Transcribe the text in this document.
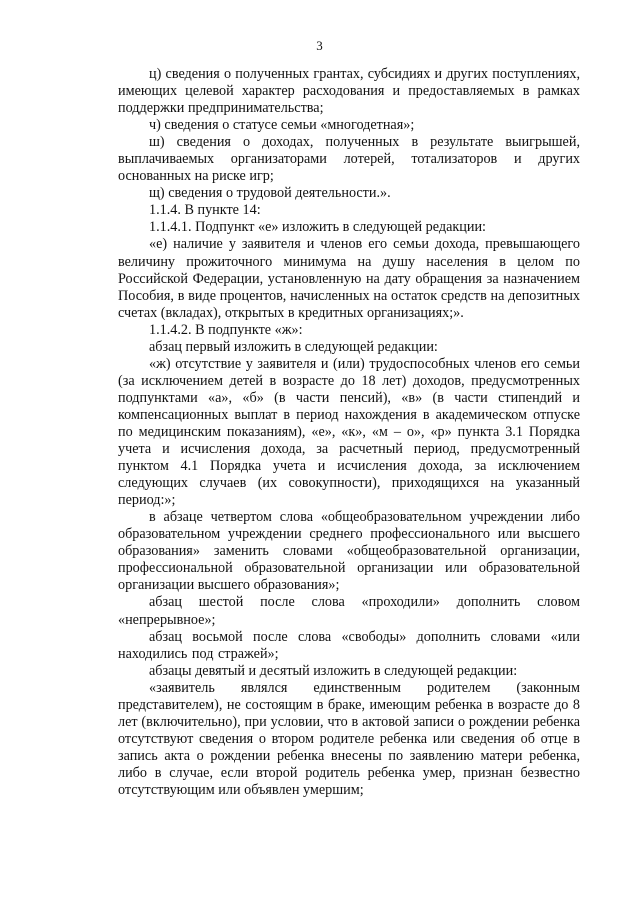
3

ц) сведения о полученных грантах, субсидиях и других поступлениях, имеющих целевой характер расходования и предоставляемых в рамках поддержки предпринимательства;

ч) сведения о статусе семьи «многодетная»;

ш) сведения о доходах, полученных в результате выигрышей, выплачиваемых организаторами лотерей, тотализаторов и других основанных на риске игр;

щ) сведения о трудовой деятельности.».

1.1.4. В пункте 14:

1.1.4.1. Подпункт «е» изложить в следующей редакции:

«е) наличие у заявителя и членов его семьи дохода, превышающего величину прожиточного минимума на душу населения в целом по Российской Федерации, установленную на дату обращения за назначением Пособия, в виде процентов, начисленных на остаток средств на депозитных счетах (вкладах), открытых в кредитных организациях;».

1.1.4.2. В подпункте «ж»:

абзац первый изложить в следующей редакции:

«ж) отсутствие у заявителя и (или) трудоспособных членов его семьи (за исключением детей в возрасте до 18 лет) доходов, предусмотренных подпунктами «а», «б» (в части пенсий), «в» (в части стипендий и компенсационных выплат в период нахождения в академическом отпуске по медицинским показаниям), «е», «к», «м – о», «р» пункта 3.1 Порядка учета и исчисления дохода, за расчетный период, предусмотренный пунктом 4.1 Порядка учета и исчисления дохода, за исключением следующих случаев (их совокупности), приходящихся на указанный период:»;

в абзаце четвертом слова «общеобразовательном учреждении либо образовательном учреждении среднего профессионального или высшего образования» заменить словами «общеобразовательной организации, профессиональной образовательной организации или образовательной организации высшего образования»;

абзац шестой после слова «проходили» дополнить словом «непрерывное»;

абзац восьмой после слова «свободы» дополнить словами «или находились под стражей»;

абзацы девятый и десятый изложить в следующей редакции:

«заявитель являлся единственным родителем (законным представителем), не состоящим в браке, имеющим ребенка в возрасте до 8 лет (включительно), при условии, что в актовой записи о рождении ребенка отсутствуют сведения о втором родителе ребенка или сведения об отце в запись акта о рождении ребенка внесены по заявлению матери ребенка, либо в случае, если второй родитель ребенка умер, признан безвестно отсутствующим или объявлен умершим;
